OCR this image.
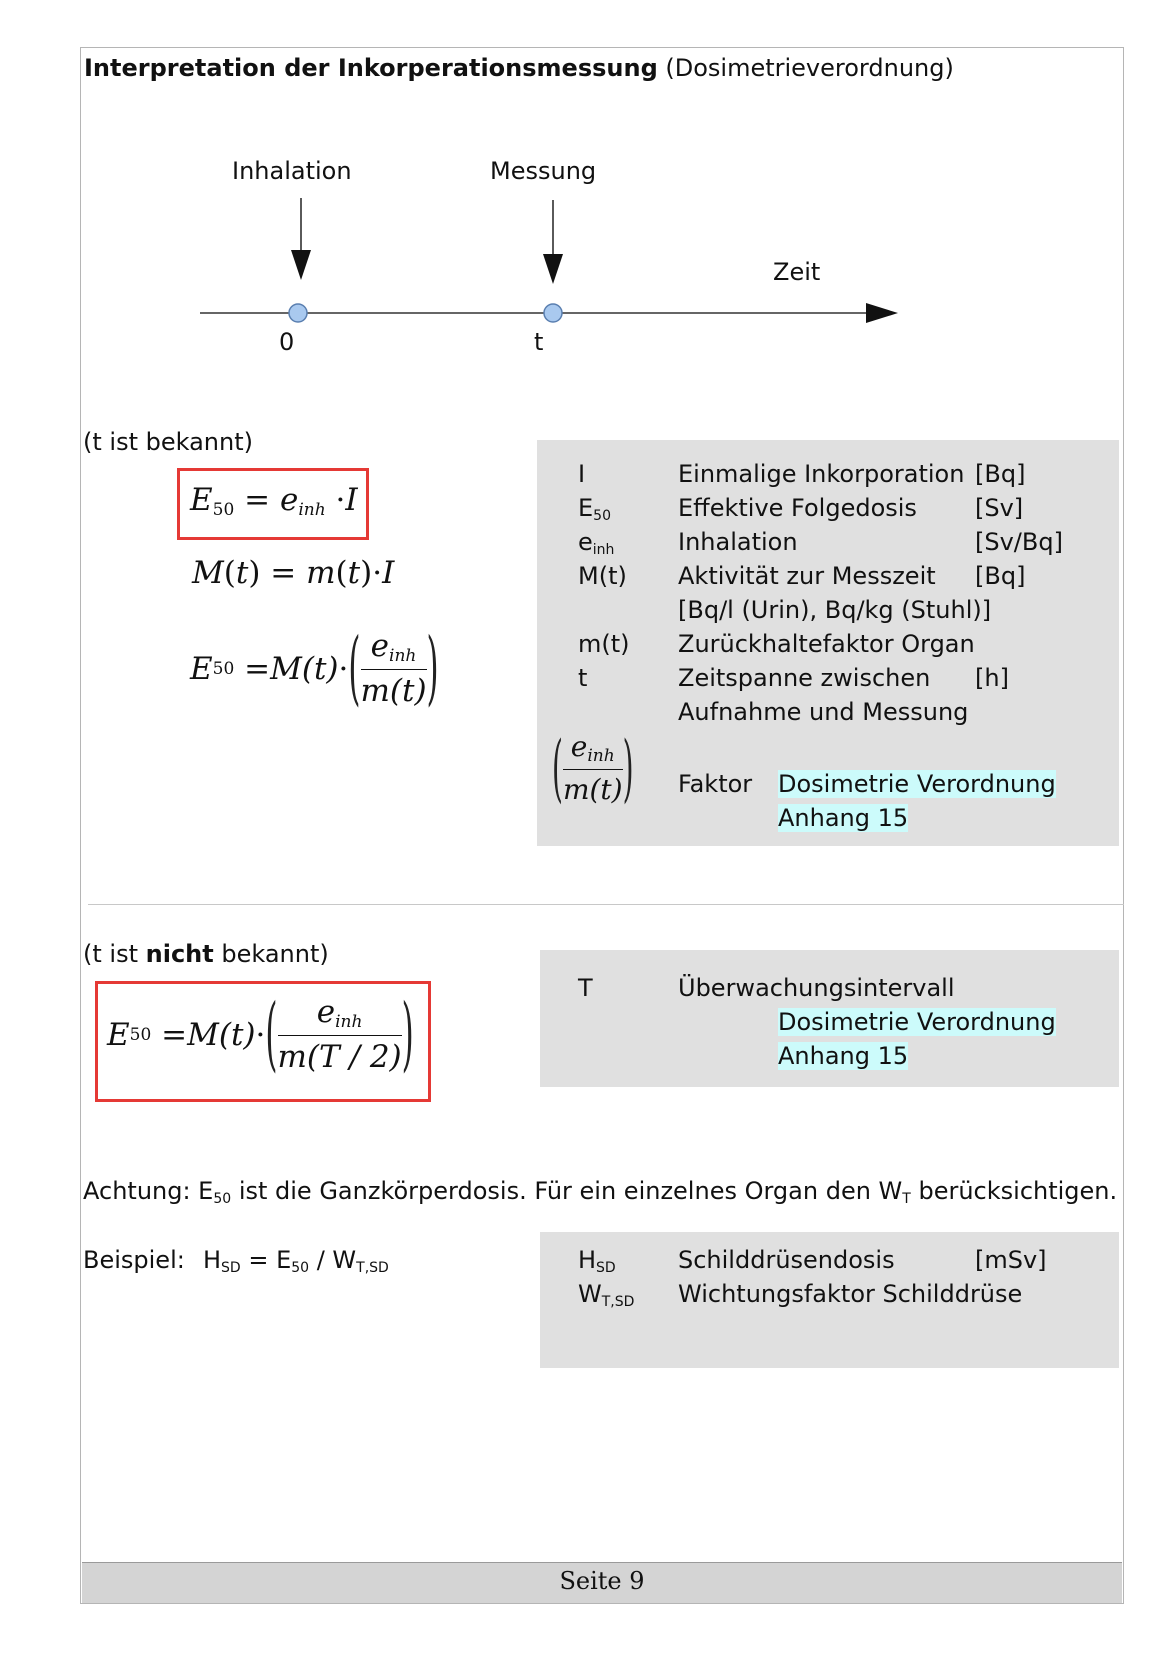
Interpretation der Inkorperationsmessung (Dosimetrieverordnung)
Inhalation	Messung
Zeit
0	t
(t ist bekannt)
$E_{50} = e_{inh} \cdot I$
M(t) = m(t)·I
E 50
= M (t) · ( $\frac{e_{inh}}{m(t)}$ )
I	Einmalige Inkorporation [Bq]
$E_{50}$	Effektive Folgedosis [Sv]
$e_{inh}$	Inhalation	[Sv/Bq]
M(t) Aktivität zur Messzeit [Bq]
[Bq/l (Urin), Bq/kg (Stuhl)]
m(t) Zurückhaltefaktor Organ
t	Zeitspanne zwischen [h]
Aufnahme und Messung
( $\frac{e_{inh}}{m(t)}$ ) Faktor Dosimetrie Verordnung
Anhang 15
(t ist nicht bekannt)
E 50
= M (t) · ( $\frac{e_{inh}}{m(T / 2)}$ )	T	Überwachungsintervall
Dosimetrie Verordnung
Anhang 15
Achtung: $E_{50}$ ist die Ganzkörperdosis. Für ein einzelnes Organ den $W_T$ berücksichtigen.
Beispiel: $H_{SD} = E_{50} / W_{T,SD}$	$H_{SD}$	Schilddrüsendosis	[mSv]
$W_{T,SD}$ Wichtungsfaktor Schilddrüse
Seite 9
